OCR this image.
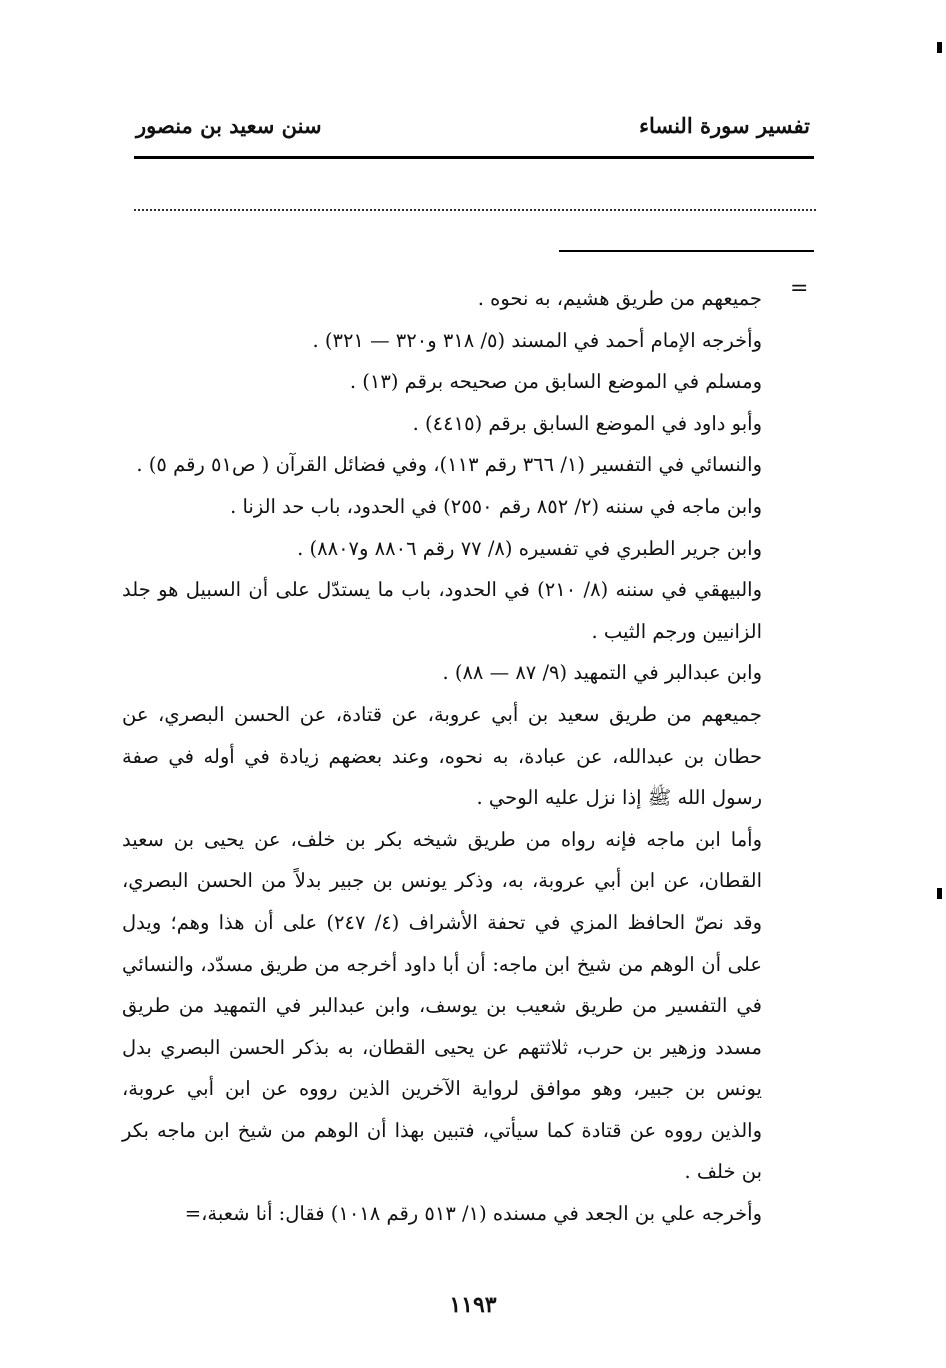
تفسير سورة النساء
سنن سعيد بن منصور
=

جميعهم من طريق هشيم، به نحوه .

وأخرجه الإمام أحمد في المسند (٥/ ٣١٨ و٣٢٠ — ٣٢١) .

ومسلم في الموضع السابق من صحيحه برقم (١٣) .

وأبو داود في الموضع السابق برقم (٤٤١٥) .

والنسائي في التفسير (١/ ٣٦٦ رقم ١١٣)، وفي فضائل القرآن ( ص٥١ رقم ٥) .

وابن ماجه في سننه (٢/ ٨٥٢ رقم ٢٥٥٠) في الحدود، باب حد الزنا .

وابن جرير الطبري في تفسيره (٨/ ٧٧ رقم ٨٨٠٦ و٨٨٠٧) .

والبيهقي في سننه (٨/ ٢١٠) في الحدود، باب ما يستدّل على أن السبيل هو جلد الزانيين ورجم الثيب .

وابن عبدالبر في التمهيد (٩/ ٨٧ — ٨٨) .

جميعهم من طريق سعيد بن أبي عروبة، عن قتادة، عن الحسن البصري، عن حطان بن عبدالله، عن عبادة، به نحوه، وعند بعضهم زيادة في أوله في صفة رسول الله ﷺ إذا نزل عليه الوحي .

وأما ابن ماجه فإنه رواه من طريق شيخه بكر بن خلف، عن يحيى بن سعيد القطان، عن ابن أبي عروبة، به، وذكر يونس بن جبير بدلاً من الحسن البصري، وقد نصّ الحافظ المزي في تحفة الأشراف (٤/ ٢٤٧) على أن هذا وهم؛ ويدل على أن الوهم من شيخ ابن ماجه: أن أبا داود أخرجه من طريق مسدّد، والنسائي في التفسير من طريق شعيب بن يوسف، وابن عبدالبر في التمهيد من طريق مسدد وزهير بن حرب، ثلاثتهم عن يحيى القطان، به بذكر الحسن البصري بدل يونس بن جبير، وهو موافق لرواية الآخرين الذين رووه عن ابن أبي عروبة، والذين رووه عن قتادة كما سيأتي، فتبين بهذا أن الوهم من شيخ ابن ماجه بكر بن خلف .

وأخرجه علي بن الجعد في مسنده (١/ ٥١٣ رقم ١٠١٨) فقال: أنا شعبة،=

١١٩٣
